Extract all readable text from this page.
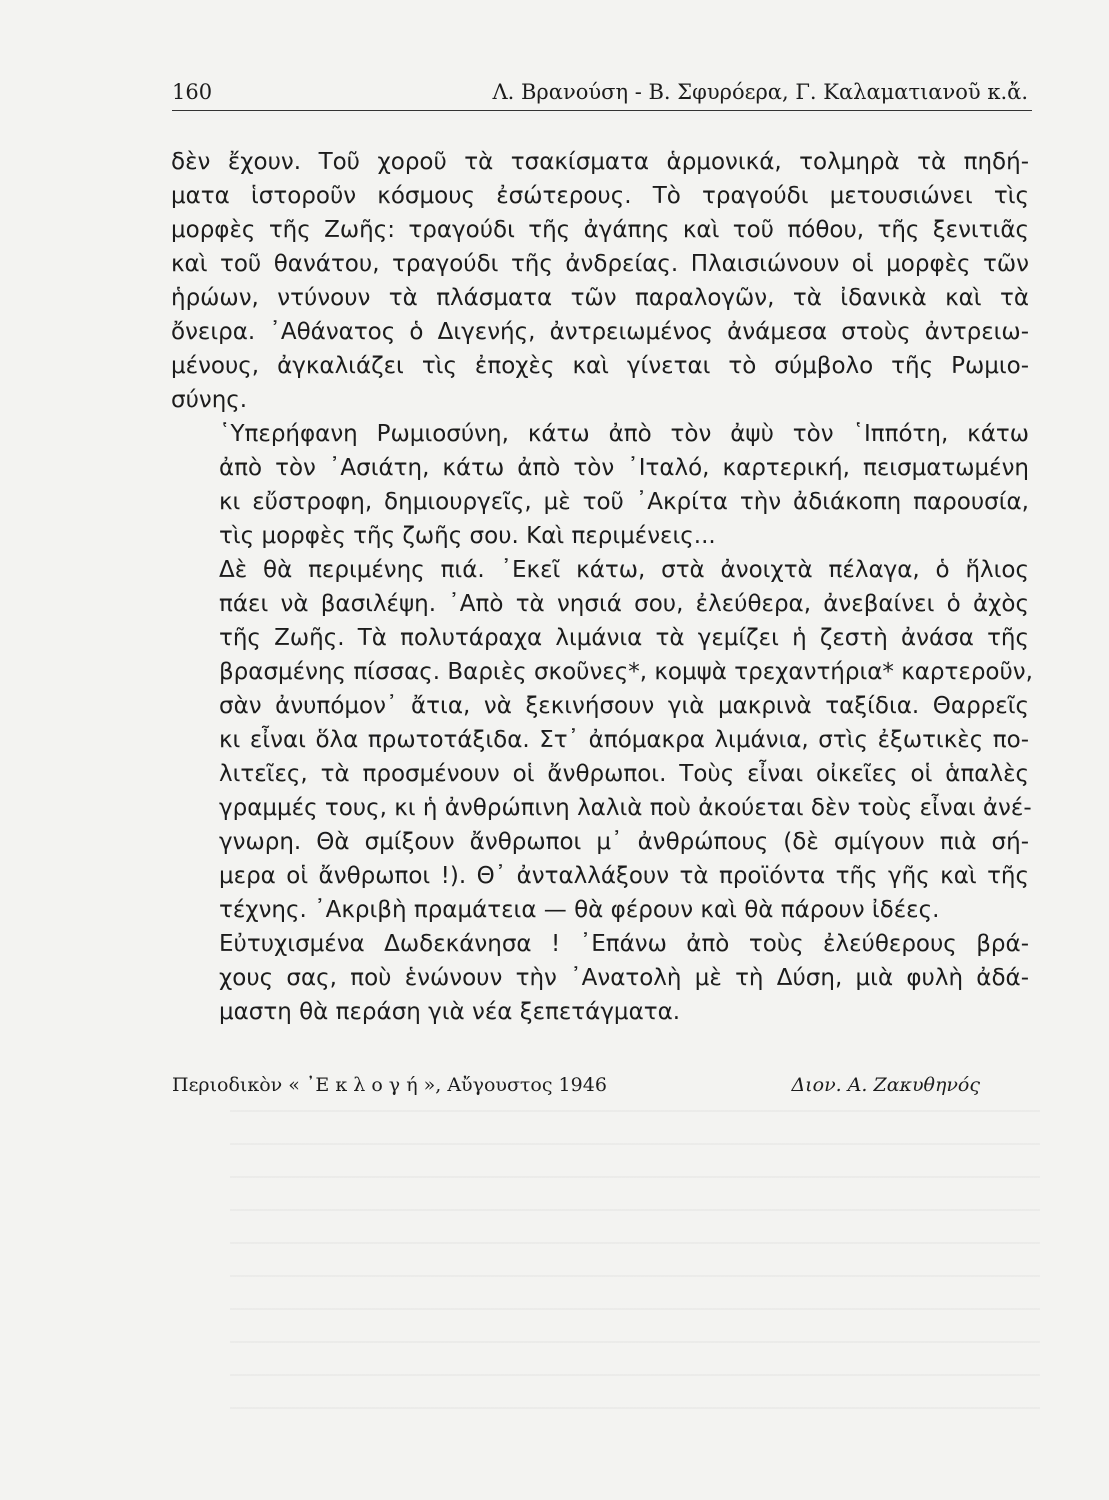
160	Λ. Βρανούση - Β. Σφυρόερα, Γ. Καλαματιανοῦ κ.ἄ.

δὲν ἔχουν. Τοῦ χοροῦ τὰ τσακίσματα ἁρμονικά, τολμηρὰ τὰ πηδή-
ματα ἱστοροῦν κόσμους ἐσώτερους. Τὸ τραγούδι μετουσιώνει τὶς
μορφὲς τῆς Ζωῆς: τραγούδι τῆς ἀγάπης καὶ τοῦ πόθου, τῆς ξενιτιᾶς
καὶ τοῦ θανάτου, τραγούδι τῆς ἀνδρείας. Πλαισιώνουν οἱ μορφὲς τῶν
ἡρώων, ντύνουν τὰ πλάσματα τῶν παραλογῶν, τὰ ἰδανικὰ καὶ τὰ
ὄνειρα. ᾿Αθάνατος ὁ Διγενής, ἀντρειωμένος ἀνάμεσα στοὺς ἀντρειω-
μένους, ἀγκαλιάζει τὶς ἐποχὲς καὶ γίνεται τὸ σύμβολο τῆς Ρωμιο-
σύνης.

῾Υπερήφανη Ρωμιοσύνη, κάτω ἀπὸ τὸν ἀψὺ τὸν ῾Ιππότη, κάτω
ἀπὸ τὸν ᾿Ασιάτη, κάτω ἀπὸ τὸν ᾿Ιταλό, καρτερική, πεισματωμένη
κι εὔστροφη, δημιουργεῖς, μὲ τοῦ ᾿Ακρίτα τὴν ἀδιάκοπη παρουσία,
τὶς μορφὲς τῆς ζωῆς σου. Καὶ περιμένεις...

Δὲ θὰ περιμένης πιά. ᾿Εκεῖ κάτω, στὰ ἀνοιχτὰ πέλαγα, ὁ ἥλιος
πάει νὰ βασιλέψη. ᾿Απὸ τὰ νησιά σου, ἐλεύθερα, ἀνεβαίνει ὁ ἀχὸς
τῆς Ζωῆς. Τὰ πολυτάραχα λιμάνια τὰ γεμίζει ἡ ζεστὴ ἀνάσα τῆς
βρασμένης πίσσας. Βαριὲς σκοῦνες*, κομψὰ τρεχαντήρια* καρτεροῦν,
σὰν ἀνυπόμον᾿ ἄτια, νὰ ξεκινήσουν γιὰ μακρινὰ ταξίδια. Θαρρεῖς
κι εἶναι ὅλα πρωτοτάξιδα. Στ᾿ ἀπόμακρα λιμάνια, στὶς ἐξωτικὲς πο-
λιτεῖες, τὰ προσμένουν οἱ ἄνθρωποι. Τοὺς εἶναι οἰκεῖες οἱ ἁπαλὲς
γραμμές τους, κι ἡ ἀνθρώπινη λαλιὰ ποὺ ἀκούεται δὲν τοὺς εἶναι ἀνέ-
γνωρη. Θὰ σμίξουν ἄνθρωποι μ᾿ ἀνθρώπους (δὲ σμίγουν πιὰ σή-
μερα οἱ ἄνθρωποι !). Θ᾿ ἀνταλλάξουν τὰ προϊόντα τῆς γῆς καὶ τῆς
τέχνης. ᾿Ακριβὴ πραμάτεια — θὰ φέρουν καὶ θὰ πάρουν ἰδέες.

Εὐτυχισμένα Δωδεκάνησα ! ᾿Επάνω ἀπὸ τοὺς ἐλεύθερους βρά-
χους σας, ποὺ ἑνώνουν τὴν ᾿Ανατολὴ μὲ τὴ Δύση, μιὰ φυλὴ ἀδά-
μαστη θὰ περάση γιὰ νέα ξεπετάγματα.

Περιοδικὸν « ᾿Ε κ λ ο γ ή », Αὔγουστος 1946	Διον. Α. Ζακυθηνός
